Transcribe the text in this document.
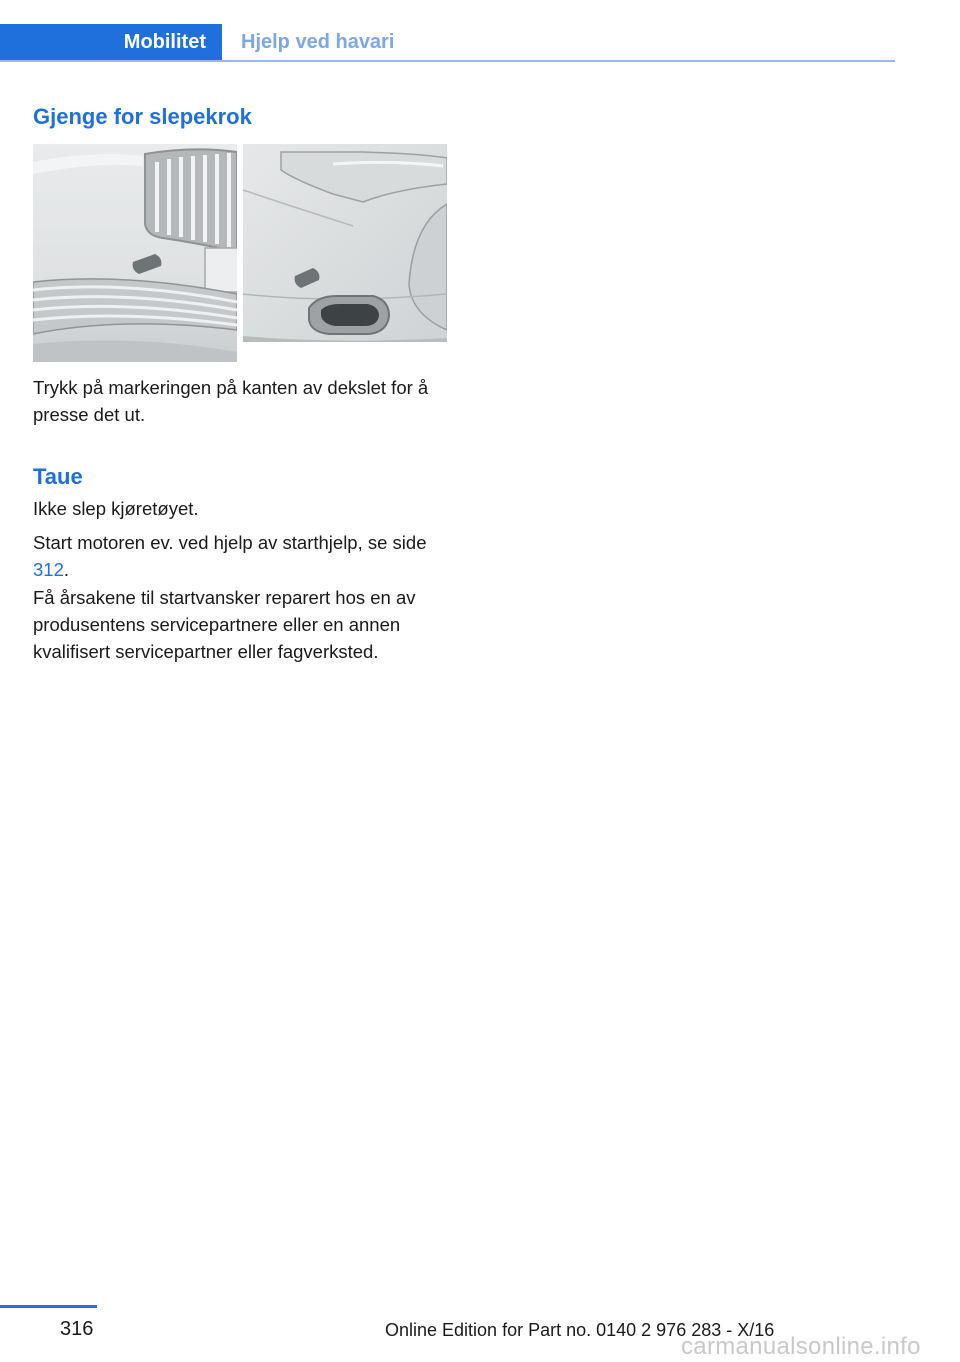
Mobilitet Hjelp ved havari
Gjenge for slepekrok

Trykk på markeringen på kanten av dekslet for å presse det ut.

Taue

Ikke slep kjøretøyet.

Start motoren ev. ved hjelp av starthjelp, se side 312.

Få årsakene til startvansker reparert hos en av produsentens servicepartnere eller en annen kvalifisert servicepartner eller fagverksted.

316	Online Edition for Part no. 0140 2 976 283 - X/16
carmanualsonline.info
